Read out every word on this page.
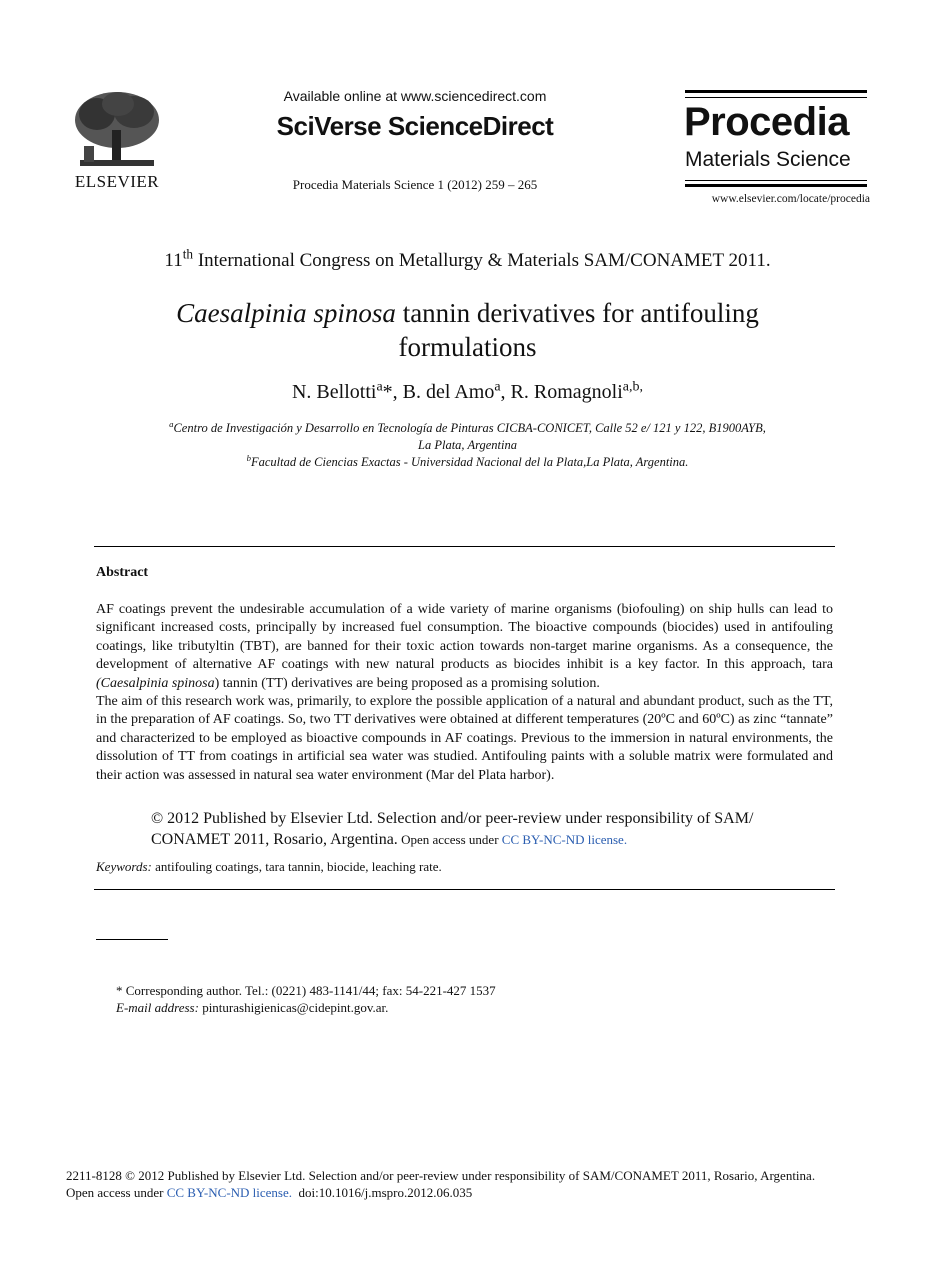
ELSEVIER
Available online at www.sciencedirect.com
SciVerse ScienceDirect
Procedia Materials Science 1 (2012) 259 – 265
Procedia
Materials Science
www.elsevier.com/locate/procedia
11th International Congress on Metallurgy & Materials SAM/CONAMET 2011.
Caesalpinia spinosa tannin derivatives for antifouling
formulations
N. Bellotti$^a$*, B. del Amo$^a$, R. Romagnoli$^{a,b,}$
$^a$Centro de Investigación y Desarrollo en Tecnología de Pinturas CICBA-CONICET, Calle 52 e/ 121 y 122, B1900AYB,
La Plata, Argentina
$^b$Facultad de Ciencias Exactas - Universidad Nacional del la Plata,La Plata, Argentina.
Abstract
AF coatings prevent the undesirable accumulation of a wide variety of marine organisms (biofouling) on ship hulls can lead to significant increased costs, principally by increased fuel consumption. The bioactive compounds (biocides) used in antifouling coatings, like tributyltin (TBT), are banned for their toxic action towards non-target marine organisms. As a consequence, the development of alternative AF coatings with new natural products as biocides inhibit is a key factor. In this approach, tara (Caesalpinia spinosa) tannin (TT) derivatives are being proposed as a promising solution.
The aim of this research work was, primarily, to explore the possible application of a natural and abundant product, such as the TT, in the preparation of AF coatings. So, two TT derivatives were obtained at different temperatures (20ºC and 60ºC) as zinc “tannate” and characterized to be employed as bioactive compounds in AF coatings. Previous to the immersion in natural environments, the dissolution of TT from coatings in artificial sea water was studied. Antifouling paints with a soluble matrix were formulated and their action was assessed in natural sea water environment (Mar del Plata harbor).
© 2012 Published by Elsevier Ltd. Selection and/or peer-review under responsibility of SAM/
CONAMET 2011, Rosario, Argentina. Open access under CC BY-NC-ND license.
Keywords: antifouling coatings, tara tannin, biocide, leaching rate.
* Corresponding author. Tel.: (0221) 483-1141/44; fax: 54-221-427 1537
E-mail address: pinturashigienicas@cidepint.gov.ar.
2211-8128 © 2012 Published by Elsevier Ltd. Selection and/or peer-review under responsibility of SAM/CONAMET 2011, Rosario, Argentina.
Open access under CC BY-NC-ND license.  doi:10.1016/j.mspro.2012.06.035
